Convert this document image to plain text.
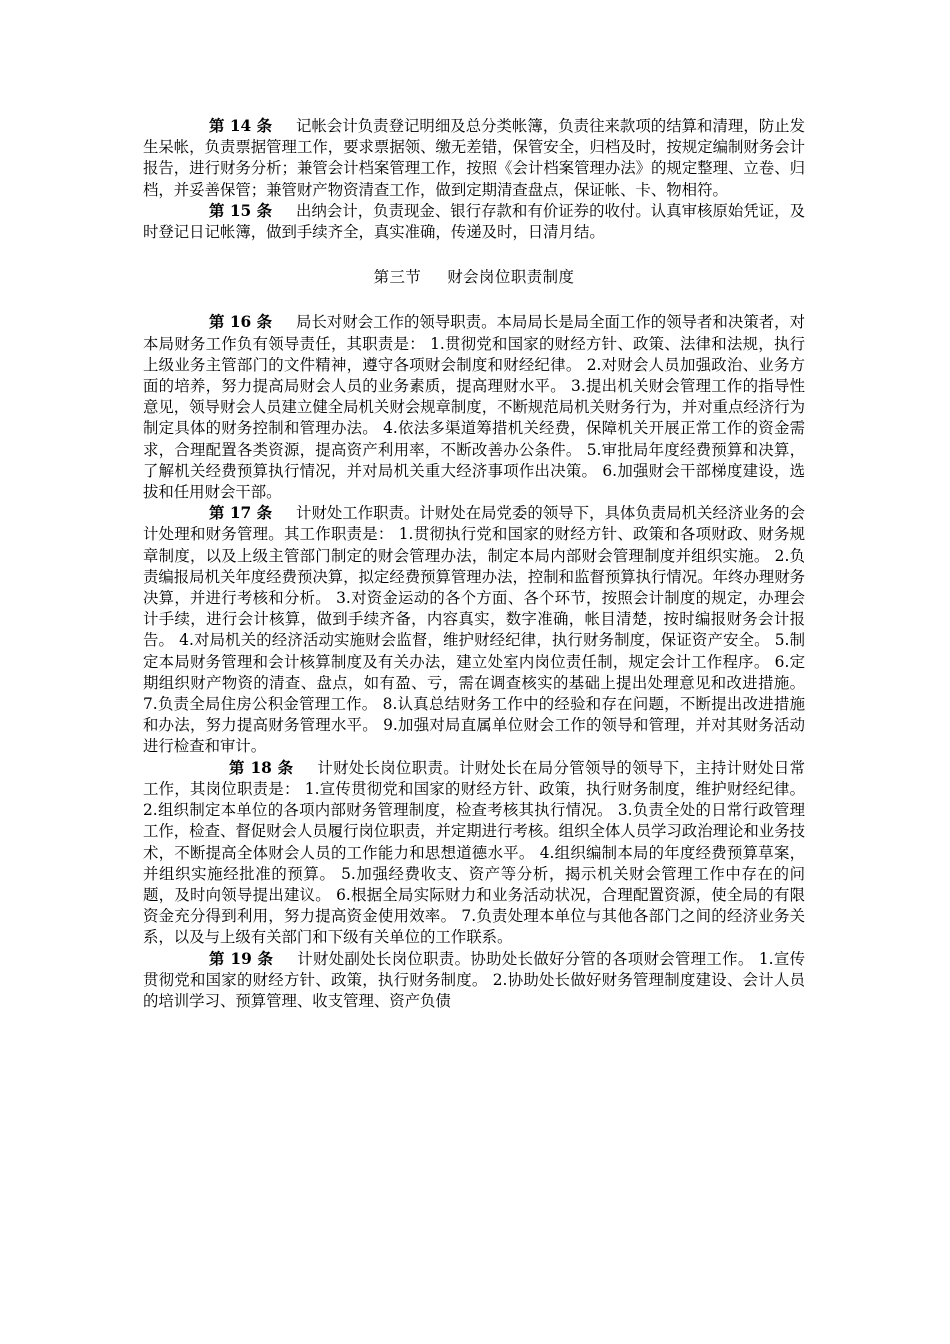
第 14 条 记帐会计负责登记明细及总分类帐簿，负责往来款项的结算和清理，防止发生呆帐，负责票据管理工作，要求票据领、缴无差错，保管安全，归档及时，按规定编制财务会计报告，进行财务分析；兼管会计档案管理工作，按照《会计档案管理办法》的规定整理、立卷、归档，并妥善保管；兼管财产物资清查工作，做到定期清查盘点，保证帐、卡、物相符。

第 15 条 出纳会计，负责现金、银行存款和有价证券的收付。认真审核原始凭证，及时登记日记帐簿，做到手续齐全，真实准确，传递及时，日清月结。

第三节 财会岗位职责制度

第 16 条 局长对财会工作的领导职责。本局局长是局全面工作的领导者和决策者，对本局财务工作负有领导责任，其职责是： 1.贯彻党和国家的财经方针、政策、法律和法规，执行上级业务主管部门的文件精神，遵守各项财会制度和财经纪律。 2.对财会人员加强政治、业务方面的培养，努力提高局财会人员的业务素质，提高理财水平。 3.提出机关财会管理工作的指导性意见，领导财会人员建立健全局机关财会规章制度，不断规范局机关财务行为，并对重点经济行为制定具体的财务控制和管理办法。 4.依法多渠道筹措机关经费，保障机关开展正常工作的资金需求，合理配置各类资源，提高资产利用率，不断改善办公条件。 5.审批局年度经费预算和决算，了解机关经费预算执行情况，并对局机关重大经济事项作出决策。 6.加强财会干部梯度建设，选拔和任用财会干部。

第 17 条 计财处工作职责。计财处在局党委的领导下，具体负责局机关经济业务的会计处理和财务管理。其工作职责是： 1.贯彻执行党和国家的财经方针、政策和各项财政、财务规章制度，以及上级主管部门制定的财会管理办法，制定本局内部财会管理制度并组织实施。 2.负责编报局机关年度经费预决算，拟定经费预算管理办法，控制和监督预算执行情况。年终办理财务决算，并进行考核和分析。 3.对资金运动的各个方面、各个环节，按照会计制度的规定，办理会计手续，进行会计核算，做到手续齐备，内容真实，数字准确，帐目清楚，按时编报财务会计报告。 4.对局机关的经济活动实施财会监督，维护财经纪律，执行财务制度，保证资产安全。 5.制定本局财务管理和会计核算制度及有关办法，建立处室内岗位责任制，规定会计工作程序。 6.定期组织财产物资的清查、盘点，如有盈、亏，需在调查核实的基础上提出处理意见和改进措施。 7.负责全局住房公积金管理工作。 8.认真总结财务工作中的经验和存在问题，不断提出改进措施和办法，努力提高财务管理水平。 9.加强对局直属单位财会工作的领导和管理，并对其财务活动进行检查和审计。

第 18 条 计财处长岗位职责。计财处长在局分管领导的领导下，主持计财处日常工作，其岗位职责是： 1.宣传贯彻党和国家的财经方针、政策，执行财务制度，维护财经纪律。 2.组织制定本单位的各项内部财务管理制度，检查考核其执行情况。 3.负责全处的日常行政管理工作，检查、督促财会人员履行岗位职责，并定期进行考核。组织全体人员学习政治理论和业务技术，不断提高全体财会人员的工作能力和思想道德水平。 4.组织编制本局的年度经费预算草案，并组织实施经批准的预算。 5.加强经费收支、资产等分析，揭示机关财会管理工作中存在的问题，及时向领导提出建议。 6.根据全局实际财力和业务活动状况，合理配置资源，使全局的有限资金充分得到利用，努力提高资金使用效率。 7.负责处理本单位与其他各部门之间的经济业务关系，以及与上级有关部门和下级有关单位的工作联系。

第 19 条 计财处副处长岗位职责。协助处长做好分管的各项财会管理工作。 1.宣传贯彻党和国家的财经方针、政策，执行财务制度。 2.协助处长做好财务管理制度建设、会计人员的培训学习、预算管理、收支管理、资产负债
